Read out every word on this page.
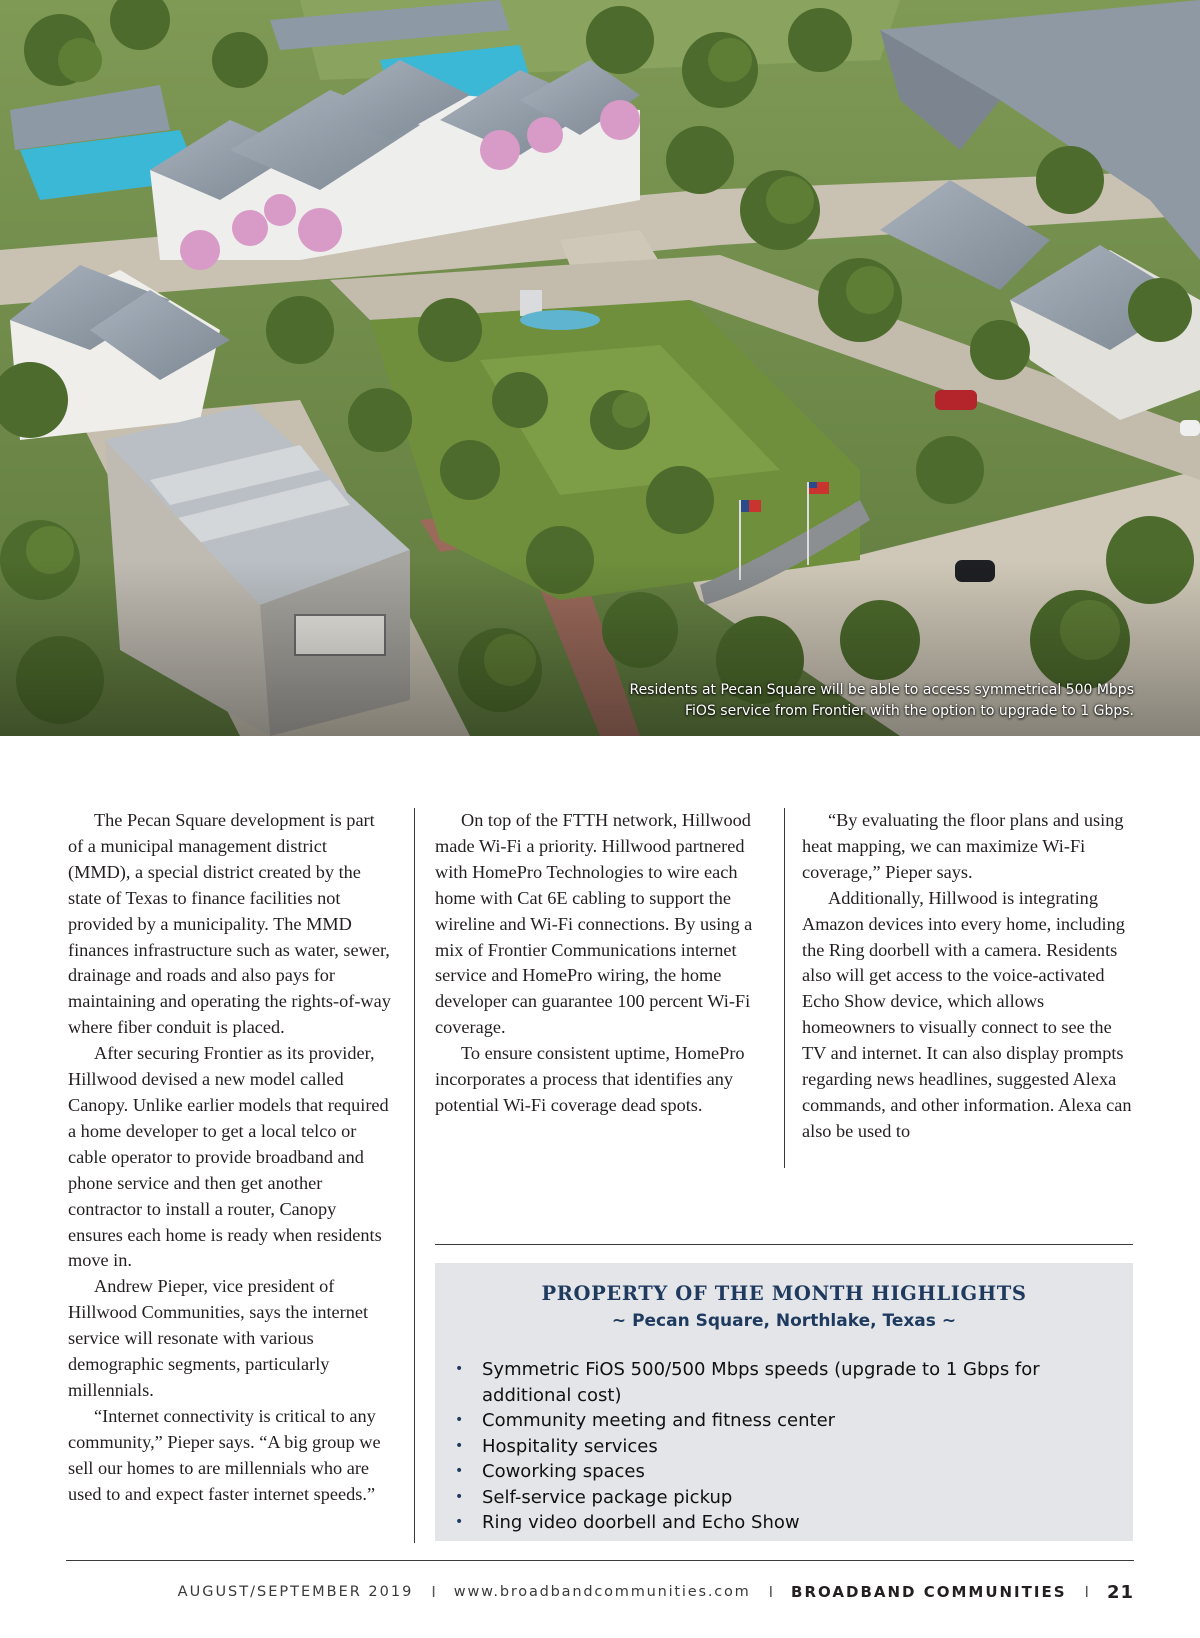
Residents at Pecan Square will be able to access symmetrical 500 Mbps
FiOS service from Frontier with the option to upgrade to 1 Gbps.

The Pecan Square development is part of a municipal management district (MMD), a special district created by the state of Texas to finance facilities not provided by a municipality. The MMD finances infrastructure such as water, sewer, drainage and roads and also pays for maintaining and operating the rights-of-way where fiber conduit is placed.

After securing Frontier as its provider, Hillwood devised a new model called Canopy. Unlike earlier models that required a home developer to get a local telco or cable operator to provide broadband and phone service and then get another contractor to install a router, Canopy ensures each home is ready when residents move in.

Andrew Pieper, vice president of Hillwood Communities, says the internet service will resonate with various demographic segments, particularly millennials.

“Internet connectivity is critical to any community,” Pieper says. “A big group we sell our homes to are millennials who are used to and expect faster internet speeds.”

On top of the FTTH network, Hillwood made Wi-Fi a priority. Hillwood partnered with HomePro Technologies to wire each home with Cat 6E cabling to support the wireline and Wi-Fi connections. By using a mix of Frontier Communications internet service and HomePro wiring, the home developer can guarantee 100 percent Wi-Fi coverage.

To ensure consistent uptime, HomePro incorporates a process that identifies any potential Wi-Fi coverage dead spots.

“By evaluating the floor plans and using heat mapping, we can maximize Wi-Fi coverage,” Pieper says.

Additionally, Hillwood is integrating Amazon devices into every home, including the Ring doorbell with a camera. Residents also will get access to the voice-activated Echo Show device, which allows homeowners to visually connect to see the TV and internet. It can also display prompts regarding news headlines, suggested Alexa commands, and other information. Alexa can also be used to

PROPERTY OF THE MONTH HIGHLIGHTS
~ Pecan Square, Northlake, Texas ~
• Symmetric FiOS 500/500 Mbps speeds (upgrade to 1 Gbps for additional cost)
• Community meeting and fitness center
• Hospitality services
• Coworking spaces
• Self-service package pickup
• Ring video doorbell and Echo Show
AUGUST/SEPTEMBER 2019 I www.broadbandcommunities.com I BROADBAND COMMUNITIES I 21
